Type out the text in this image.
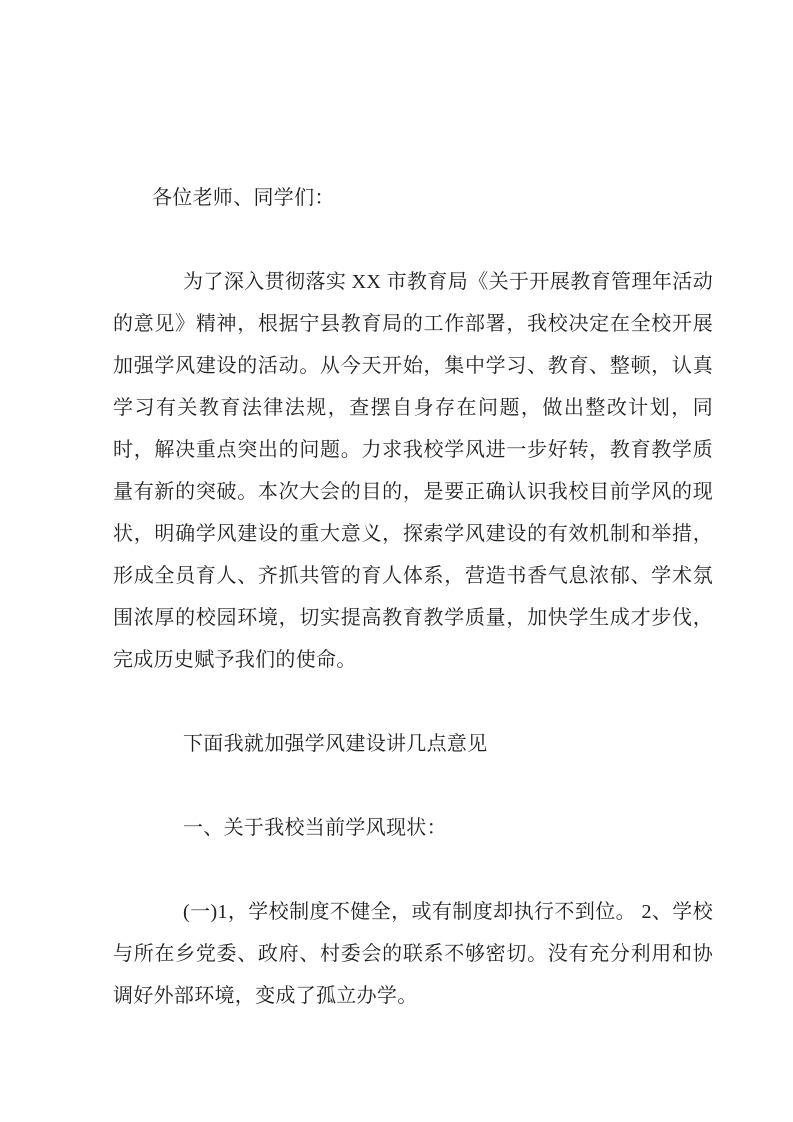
各位老师、同学们：

为了深入贯彻落实 XX 市教育局《关于开展教育管理年活动的意见》精神，根据宁县教育局的工作部署，我校决定在全校开展加强学风建设的活动。从今天开始，集中学习、教育、整顿，认真学习有关教育法律法规，查摆自身存在问题，做出整改计划，同时，解决重点突出的问题。力求我校学风进一步好转，教育教学质量有新的突破。本次大会的目的，是要正确认识我校目前学风的现状，明确学风建设的重大意义，探索学风建设的有效机制和举措，形成全员育人、齐抓共管的育人体系，营造书香气息浓郁、学术氛围浓厚的校园环境，切实提高教育教学质量，加快学生成才步伐，完成历史赋予我们的使命。

下面我就加强学风建设讲几点意见

一、关于我校当前学风现状：

(一)1，学校制度不健全，或有制度却执行不到位。 2、学校与所在乡党委、政府、村委会的联系不够密切。没有充分利用和协调好外部环境，变成了孤立办学。
